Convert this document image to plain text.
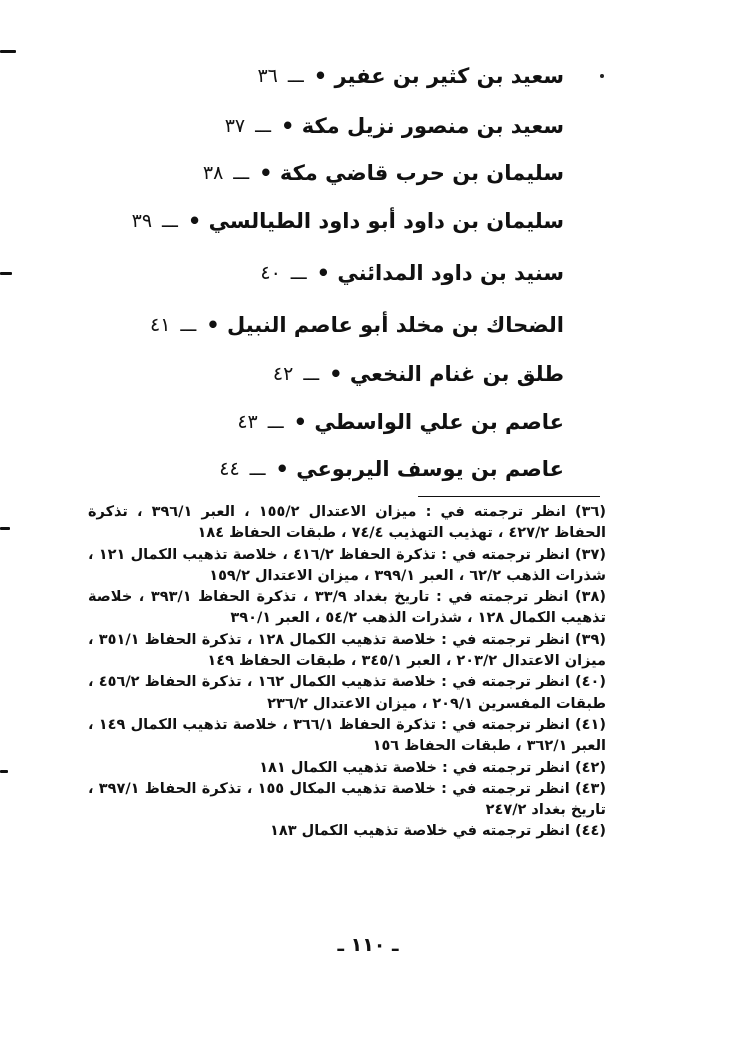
٣٦ ـــ سعيد بن كثير بن عفير •
٣٧ ـــ سعيد بن منصور نزيل مكة •
٣٨ ـــ سليمان بن حرب قاضي مكة •
٣٩ ـــ سليمان بن داود أبو داود الطيالسي •
٤٠ ـــ سنيد بن داود المدائني •
٤١ ـــ الضحاك بن مخلد أبو عاصم النبيل •
٤٢ ـــ طلق بن غنام النخعي •
٤٣ ـــ عاصم بن علي الواسطي •
٤٤ ـــ عاصم بن يوسف اليربوعي •

(٣٦) انظر ترجمته في : ميزان الاعتدال ١٥٥/٢ ، العبر ٣٩٦/١ ، تذكرة الحفاظ ٤٢٧/٢ ، تهذيب التهذيب ٧٤/٤ ، طبقات الحفاظ ١٨٤

(٣٧) انظر ترجمته في : تذكرة الحفاظ ٤١٦/٢ ، خلاصة تذهيب الكمال ١٢١ ، شذرات الذهب ٦٢/٢ ، العبر ٣٩٩/١ ، ميزان الاعتدال ١٥٩/٢

(٣٨) انظر ترجمته في : تاريخ بغداد ٣٣/٩ ، تذكرة الحفاظ ٣٩٣/١ ، خلاصة تذهيب الكمال ١٢٨ ، شذرات الذهب ٥٤/٢ ، العبر ٣٩٠/١

(٣٩) انظر ترجمته في : خلاصة تذهيب الكمال ١٢٨ ، تذكرة الحفاظ ٣٥١/١ ، ميزان الاعتدال ٢٠٣/٢ ، العبر ٣٤٥/١ ، طبقات الحفاظ ١٤٩

(٤٠) انظر ترجمته في : خلاصة تذهيب الكمال ١٦٢ ، تذكرة الحفاظ ٤٥٦/٢ ، طبقات المفسرين ٢٠٩/١ ، ميزان الاعتدال ٢٣٦/٢

(٤١) انظر ترجمته في : تذكرة الحفاظ ٣٦٦/١ ، خلاصة تذهيب الكمال ١٤٩ ، العبر ٣٦٢/١ ، طبقات الحفاظ ١٥٦

(٤٢) انظر ترجمته في : خلاصة تذهيب الكمال ١٨١

(٤٣) انظر ترجمته في : خلاصة تذهيب المكال ١٥٥ ، تذكرة الحفاظ ٣٩٧/١ ، تاريخ بغداد ٢٤٧/٢

(٤٤) انظر ترجمته في خلاصة تذهيب الكمال ١٨٣

ـ ١١٠ ـ
